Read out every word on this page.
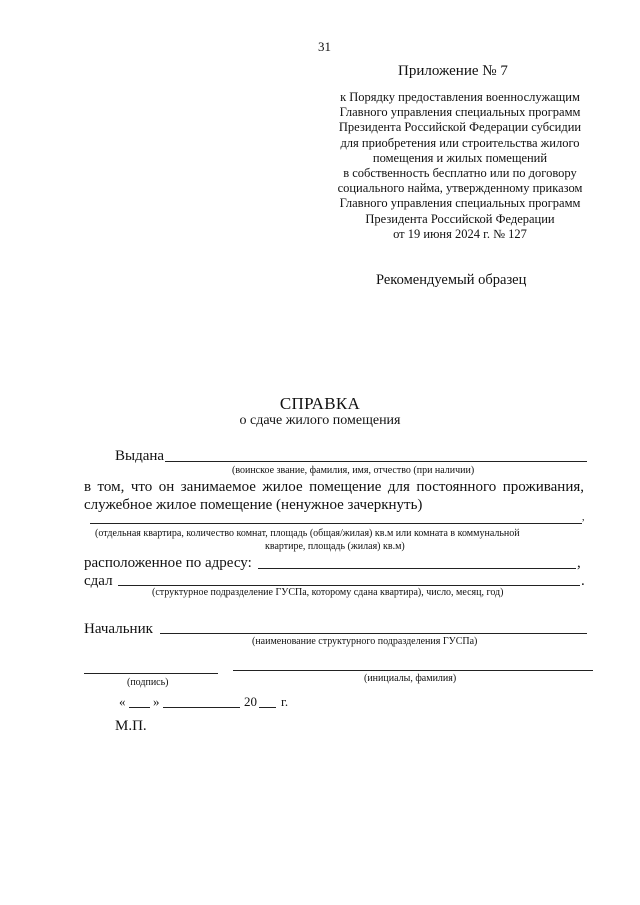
31
Приложение № 7
к Порядку предоставления военнослужащим
Главного управления специальных программ
Президента Российской Федерации субсидии
для приобретения или строительства жилого
помещения и жилых помещений
в собственность бесплатно или по договору
социального найма, утвержденному приказом
Главного управления специальных программ
Президента Российской Федерации
от 19 июня 2024 г. № 127
Рекомендуемый образец
СПРАВКА
о сдаче жилого помещения
Выдана
(воинское звание, фамилия, имя, отчество (при наличии)
в том, что он занимаемое жилое помещение для постоянного проживания, служебное жилое помещение (ненужное зачеркнуть)
,
(отдельная квартира, количество комнат, площадь (общая/жилая) кв.м или комната в коммунальной
квартире, площадь (жилая) кв.м)
расположенное по адресу:	,
сдал	.
(структурное подразделение ГУСПа, которому сдана квартира), число, месяц, год)
Начальник
(наименование структурного подразделения ГУСПа)
(подпись)	(инициалы, фамилия)
« »	20 г.
М.П.
